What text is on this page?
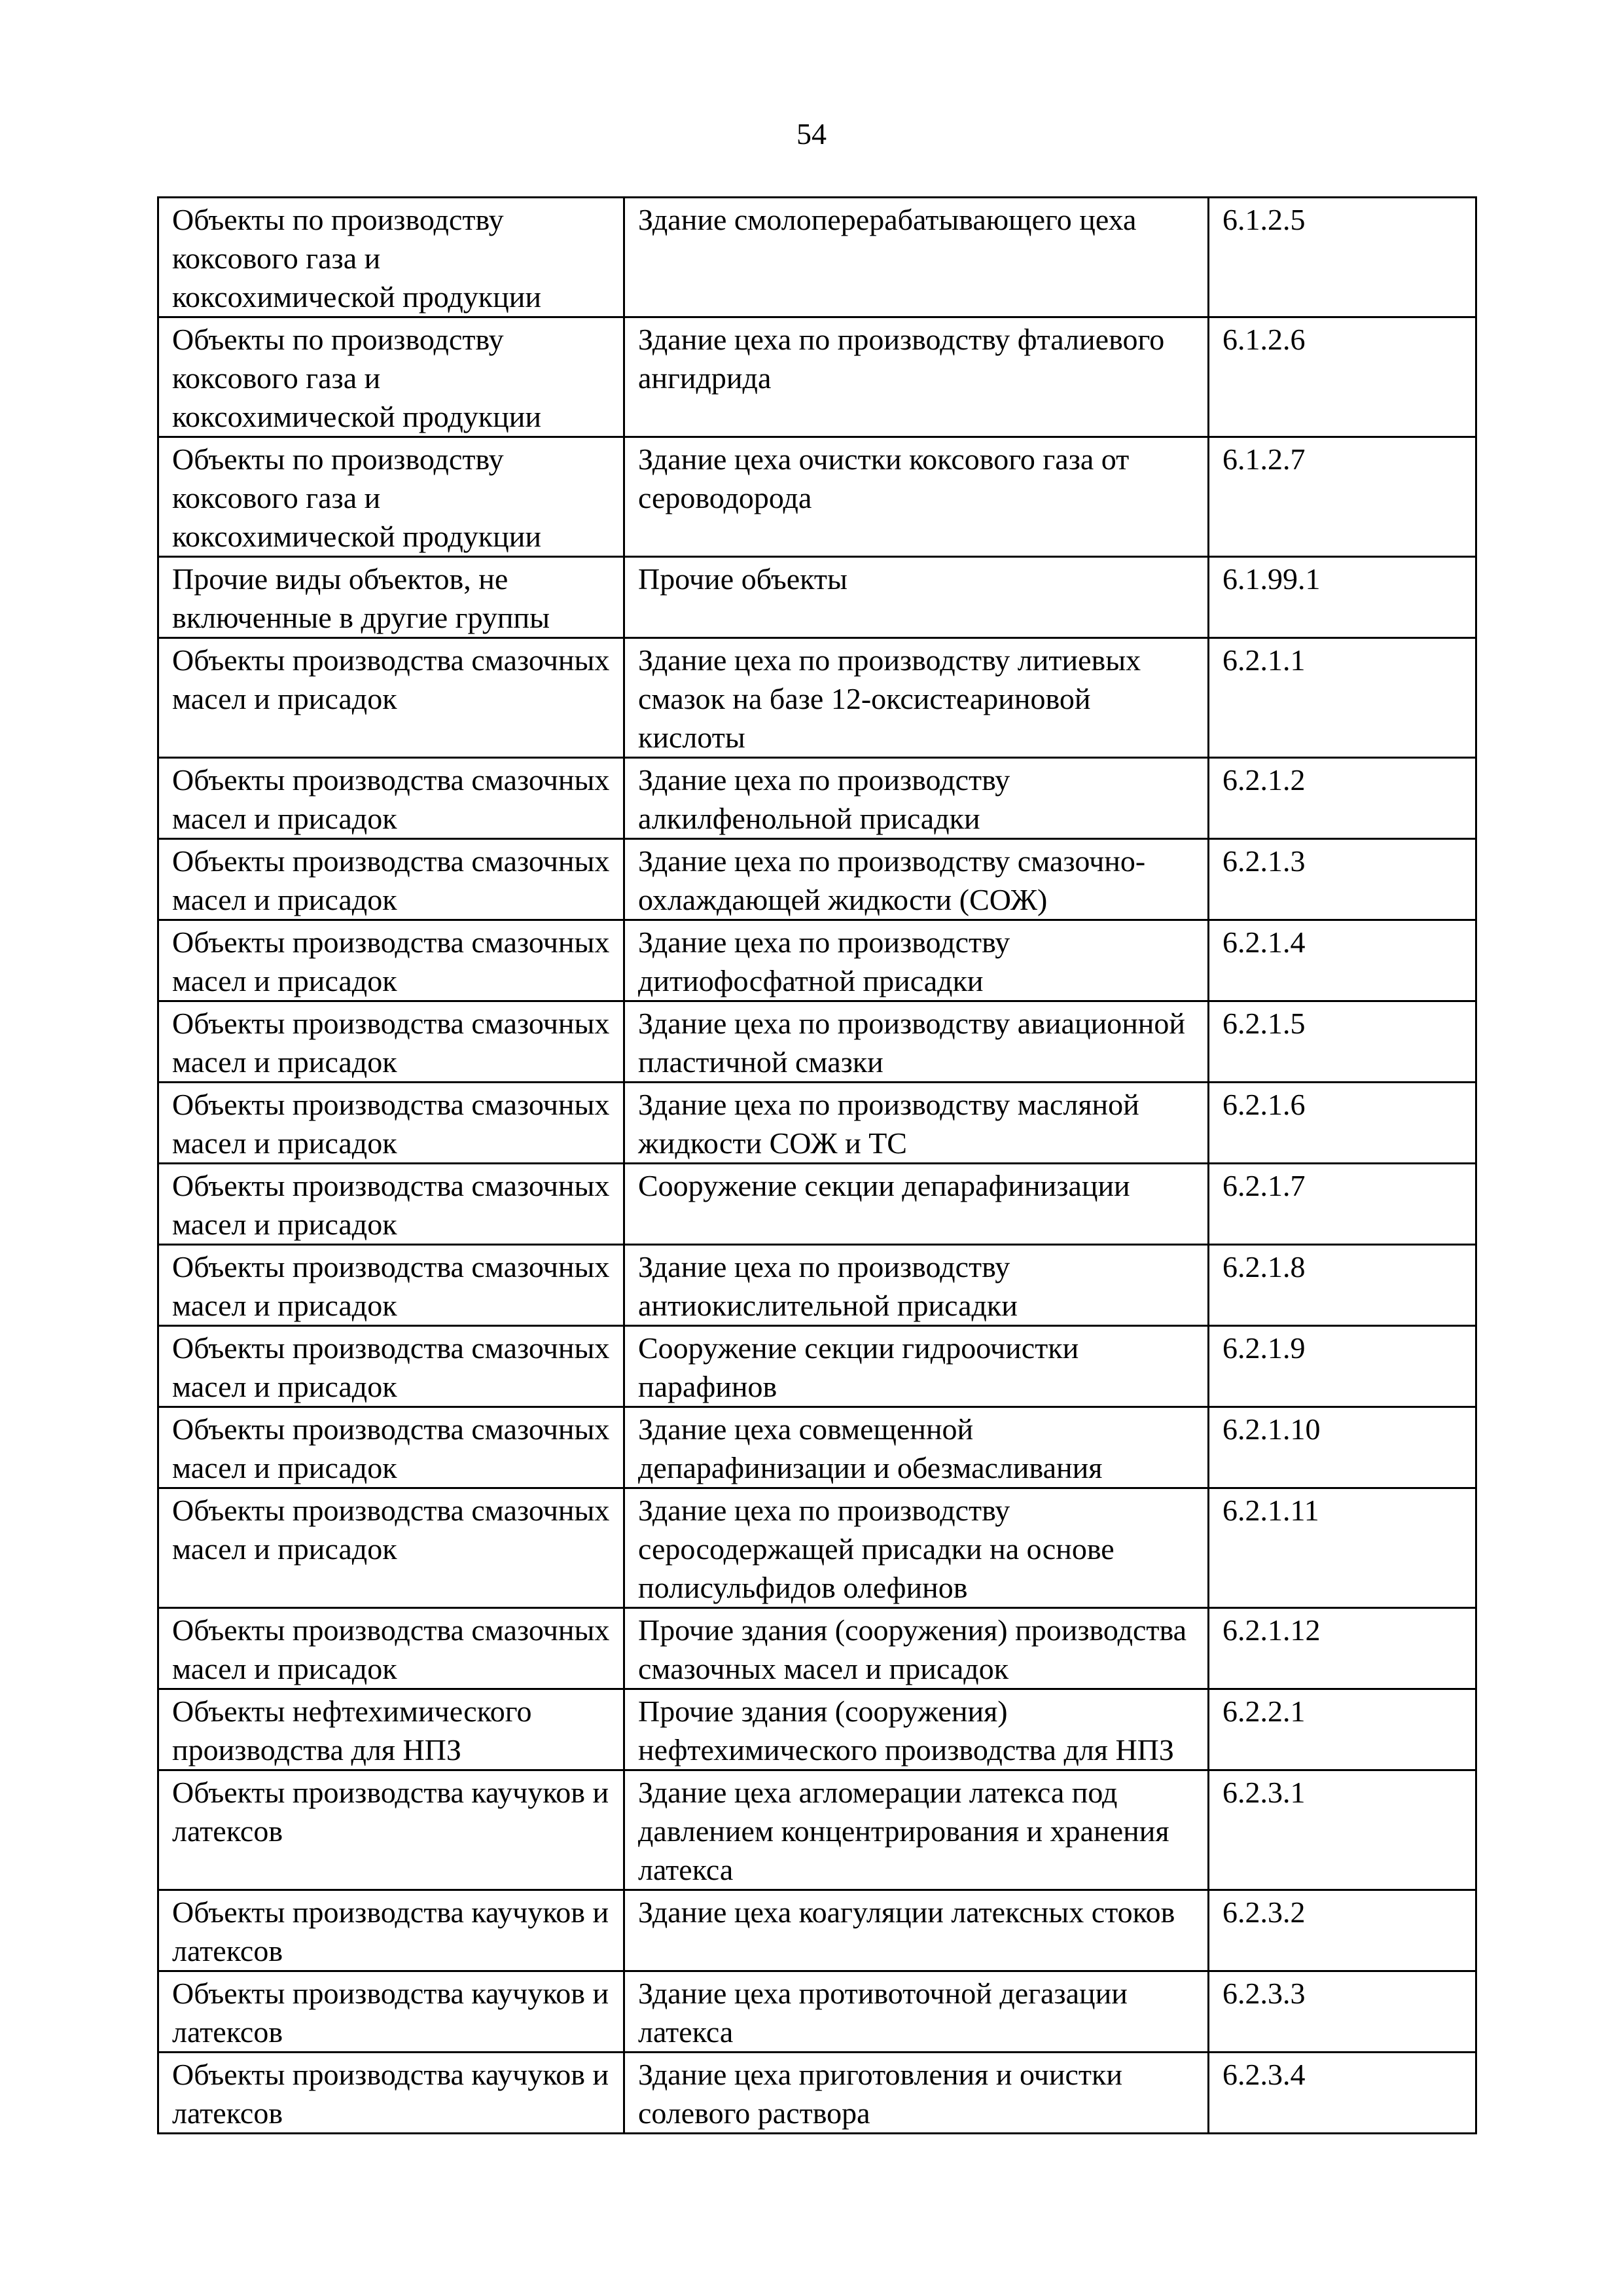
54
Объекты по производству коксового газа и коксохимической продукции	Здание смолоперерабатывающего цеха	6.1.2.5
Объекты по производству коксового газа и коксохимической продукции	Здание цеха по производству фталиевого ангидрида	6.1.2.6
Объекты по производству коксового газа и коксохимической продукции	Здание цеха очистки коксового газа от сероводорода	6.1.2.7
Прочие виды объектов, не включенные в другие группы	Прочие объекты	6.1.99.1
Объекты производства смазочных масел и присадок	Здание цеха по производству литиевых смазок на базе 12-оксистеариновой кислоты	6.2.1.1
Объекты производства смазочных масел и присадок	Здание цеха по производству алкилфенольной присадки	6.2.1.2
Объекты производства смазочных масел и присадок	Здание цеха по производству смазочно-охлаждающей жидкости (СОЖ)	6.2.1.3
Объекты производства смазочных масел и присадок	Здание цеха по производству дитиофосфатной присадки	6.2.1.4
Объекты производства смазочных масел и присадок	Здание цеха по производству авиационной пластичной смазки	6.2.1.5
Объекты производства смазочных масел и присадок	Здание цеха по производству масляной жидкости СОЖ и ТС	6.2.1.6
Объекты производства смазочных масел и присадок	Сооружение секции депарафинизации	6.2.1.7
Объекты производства смазочных масел и присадок	Здание цеха по производству антиокислительной присадки	6.2.1.8
Объекты производства смазочных масел и присадок	Сооружение секции гидроочистки парафинов	6.2.1.9
Объекты производства смазочных масел и присадок	Здание цеха совмещенной депарафинизации и обезмасливания	6.2.1.10
Объекты производства смазочных масел и присадок	Здание цеха по производству серосодержащей присадки на основе полисульфидов олефинов	6.2.1.11
Объекты производства смазочных масел и присадок	Прочие здания (сооружения) производства смазочных масел и присадок	6.2.1.12
Объекты нефтехимического производства для НПЗ	Прочие здания (сооружения) нефтехимического производства для НПЗ	6.2.2.1
Объекты производства каучуков и латексов	Здание цеха агломерации латекса под давлением концентрирования и хранения латекса	6.2.3.1
Объекты производства каучуков и латексов	Здание цеха коагуляции латексных стоков	6.2.3.2
Объекты производства каучуков и латексов	Здание цеха противоточной дегазации латекса	6.2.3.3
Объекты производства каучуков и латексов	Здание цеха приготовления и очистки солевого раствора	6.2.3.4
